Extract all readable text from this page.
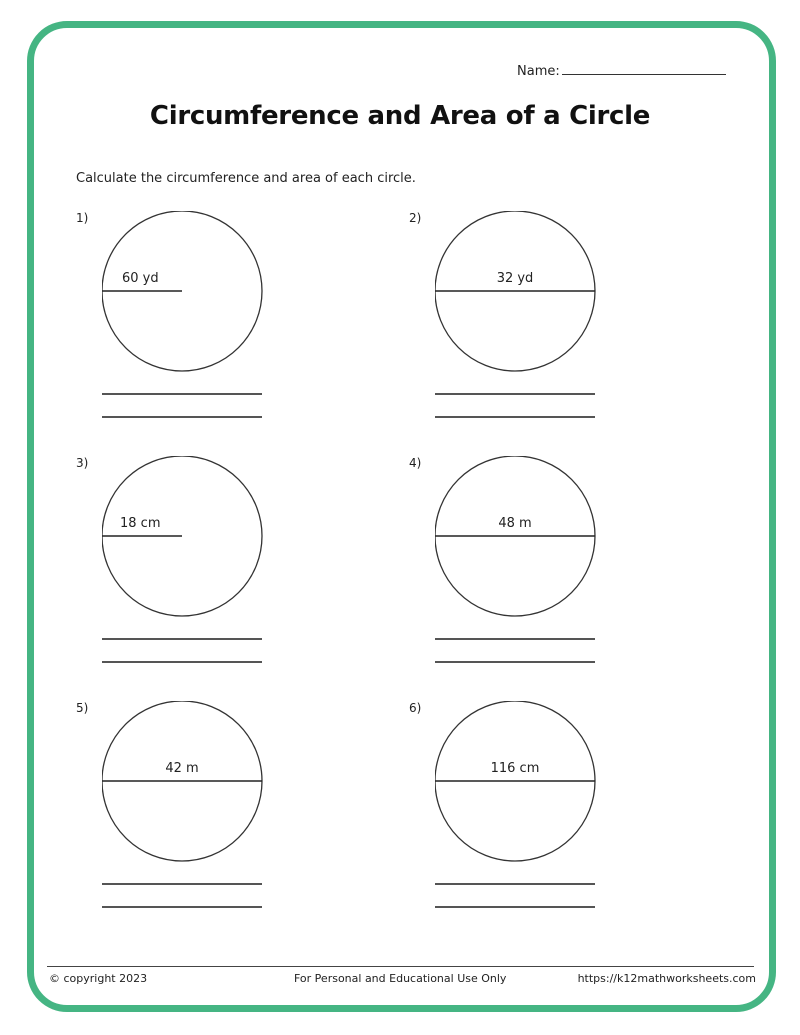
Name:
Circumference and Area of a Circle
Calculate the circumference and area of each circle.
1)
60 yd
2)
32 yd
3)
18 cm
4)
48 m
5)
42 m
6)
116 cm
© copyright 2023	For Personal and Educational Use Only	https://k12mathworksheets.com
